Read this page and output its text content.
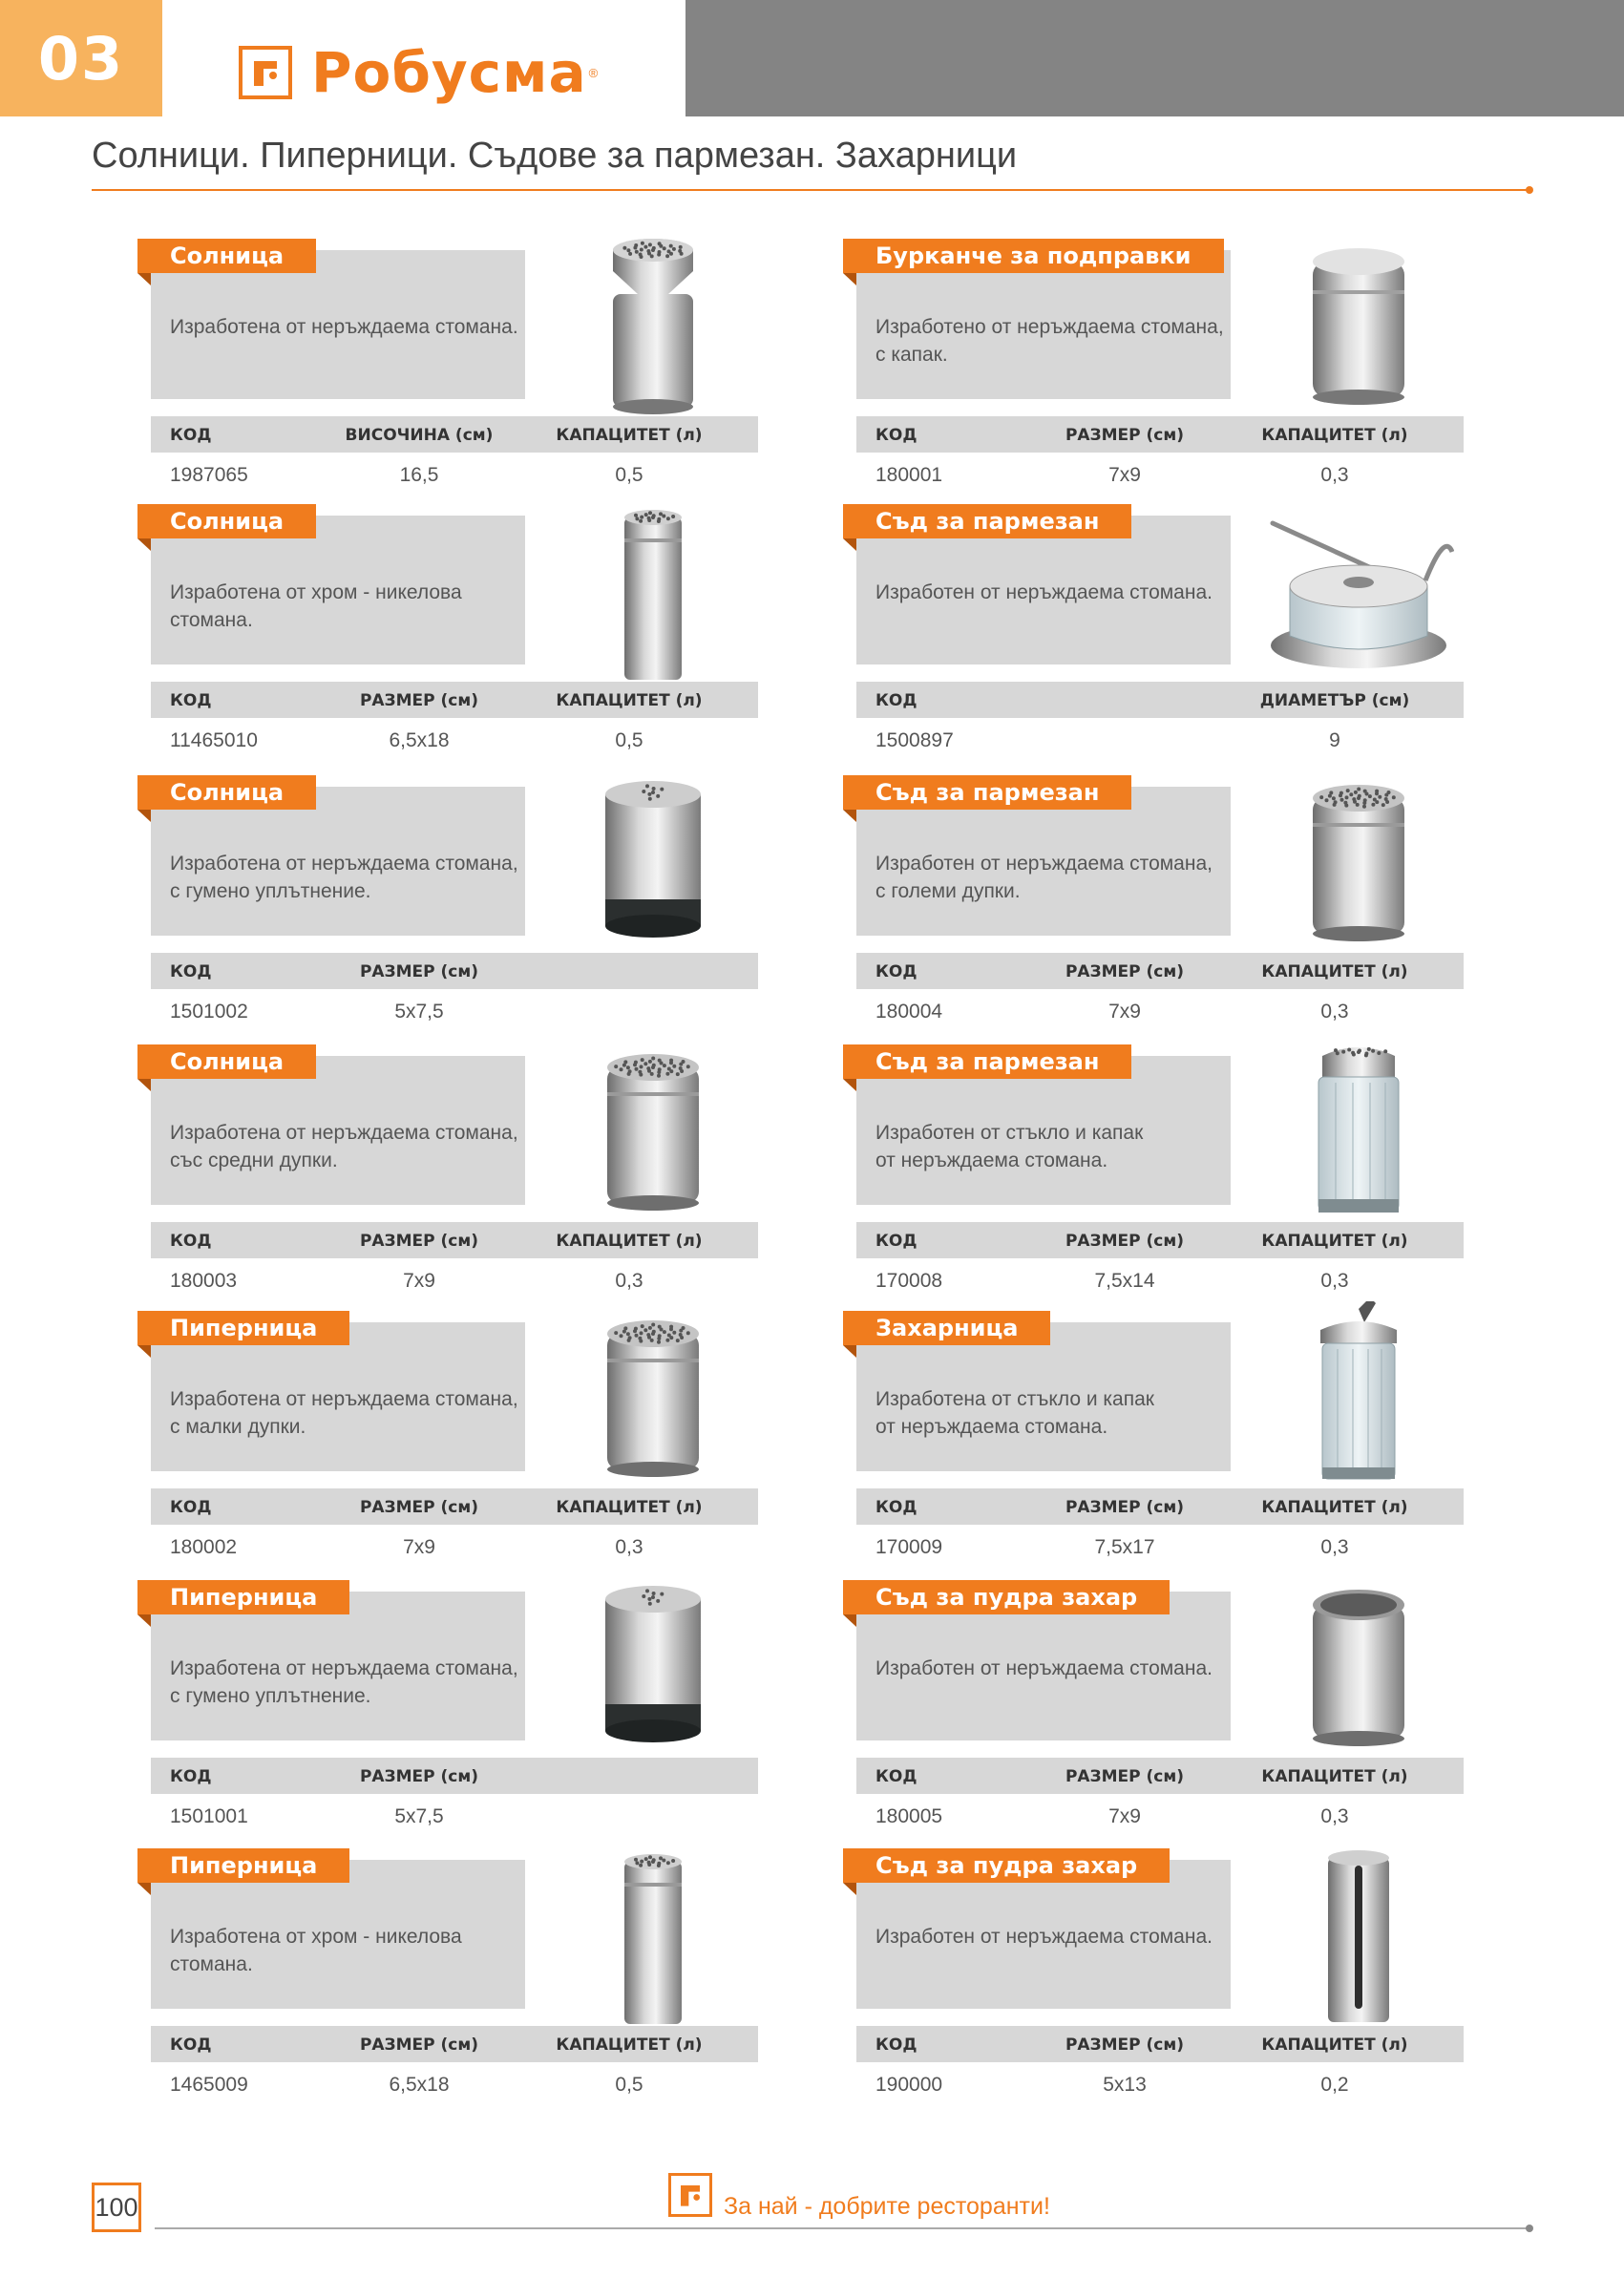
03	Робусма ®
Солници. Пиперници. Съдове за пармезан. Захарници
Солница
Изработена от неръждаема стомана.
КОД
1987065
ВИСОЧИНА (см)
16,5
КАПАЦИТЕТ (л)
0,5
Солница
Изработена от хром - никелова
стомана.
КОД
11465010
РАЗМЕР (см)
6,5х18
КАПАЦИТЕТ (л)
0,5
Солница
Изработена от неръждаема стомана,
с гумено уплътнение.
КОД
1501002
РАЗМЕР (см)
5х7,5
Солница
Изработена от неръждаема стомана,
със средни дупки.
КОД
180003
РАЗМЕР (см)
7х9
КАПАЦИТЕТ (л)
0,3
Пиперница
Изработена от неръждаема стомана,
с малки дупки.
КОД
180002
РАЗМЕР (см)
7х9
КАПАЦИТЕТ (л)
0,3
Пиперница
Изработена от неръждаема стомана,
с гумено уплътнение.
КОД
1501001
РАЗМЕР (см)
5х7,5
Пиперница
Изработена от хром - никелова
стомана.
КОД
1465009
РАЗМЕР (см)
6,5х18
КАПАЦИТЕТ (л)
0,5
Бурканче за подправки
Изработено от неръждаема стомана,
с капак.
КОД
180001
РАЗМЕР (см)
7х9
КАПАЦИТЕТ (л)
0,3
Съд за пармезан
Изработен от неръждаема стомана.
КОД
1500897
ДИАМЕТЪР (см)
9
Съд за пармезан
Изработен от неръждаема стомана,
с големи дупки.
КОД
180004
РАЗМЕР (см)
7х9
КАПАЦИТЕТ (л)
0,3
Съд за пармезан
Изработен от стъкло и капак
от неръждаема стомана.
КОД
170008
РАЗМЕР (см)
7,5х14
КАПАЦИТЕТ (л)
0,3
Захарница
Изработена от стъкло и капак
от неръждаема стомана.
КОД
170009
РАЗМЕР (см)
7,5х17
КАПАЦИТЕТ (л)
0,3
Съд за пудра захар
Изработен от неръждаема стомана.
КОД
180005
РАЗМЕР (см)
7х9
КАПАЦИТЕТ (л)
0,3
Съд за пудра захар
Изработен от неръждаема стомана.
КОД
190000
РАЗМЕР (см)
5х13
КАПАЦИТЕТ (л)
0,2
100	За най - добрите ресторанти!
